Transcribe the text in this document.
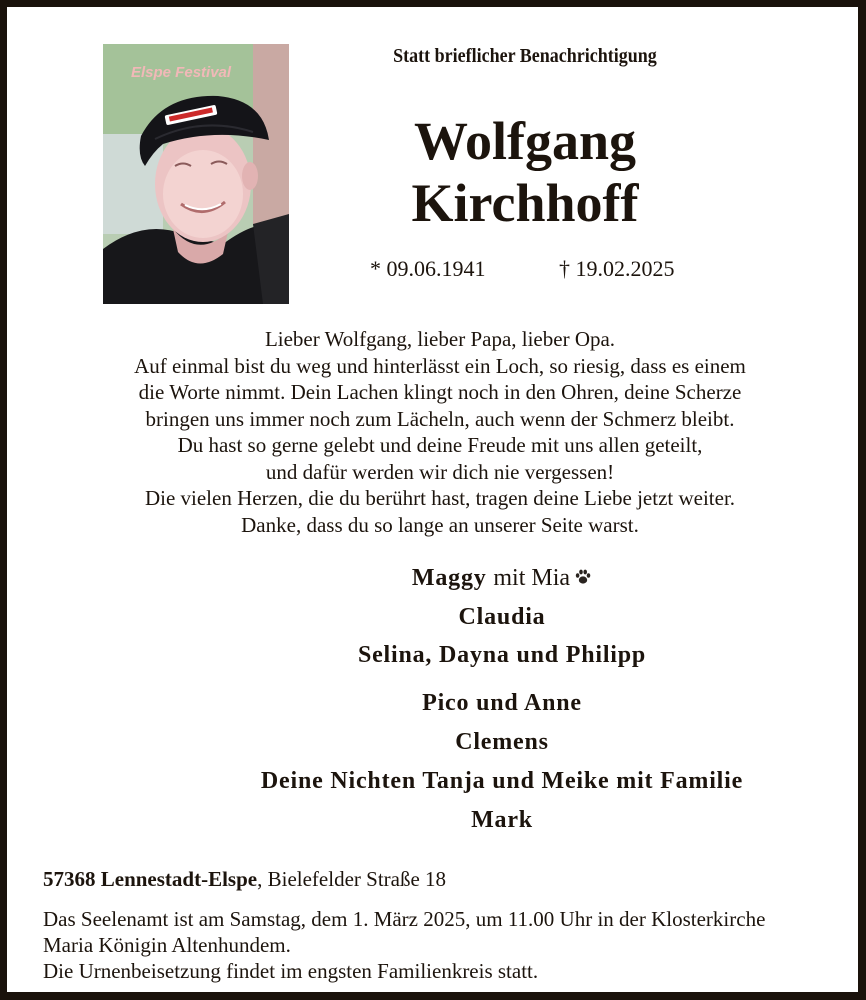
Elspe Festival
Statt brieflicher Benachrichtigung
Wolfgang
Kirchhoff
* 09.06.1941	† 19.02.2025
Lieber Wolfgang, lieber Papa, lieber Opa.
Auf einmal bist du weg und hinterlässt ein Loch, so riesig, dass es einem
die Worte nimmt. Dein Lachen klingt noch in den Ohren, deine Scherze
bringen uns immer noch zum Lächeln, auch wenn der Schmerz bleibt.
Du hast so gerne gelebt und deine Freude mit uns allen geteilt,
und dafür werden wir dich nie vergessen!
Die vielen Herzen, die du berührt hast, tragen deine Liebe jetzt weiter.
Danke, dass du so lange an unserer Seite warst.
Maggy mit Mia
Claudia
Selina, Dayna und Philipp
Pico und Anne
Clemens
Deine Nichten Tanja und Meike mit Familie
Mark
57368 Lennestadt-Elspe, Bielefelder Straße 18
Das Seelenamt ist am Samstag, dem 1. März 2025, um 11.00 Uhr in der Klosterkirche
Maria Königin Altenhundem.
Die Urnenbeisetzung findet im engsten Familienkreis statt.
